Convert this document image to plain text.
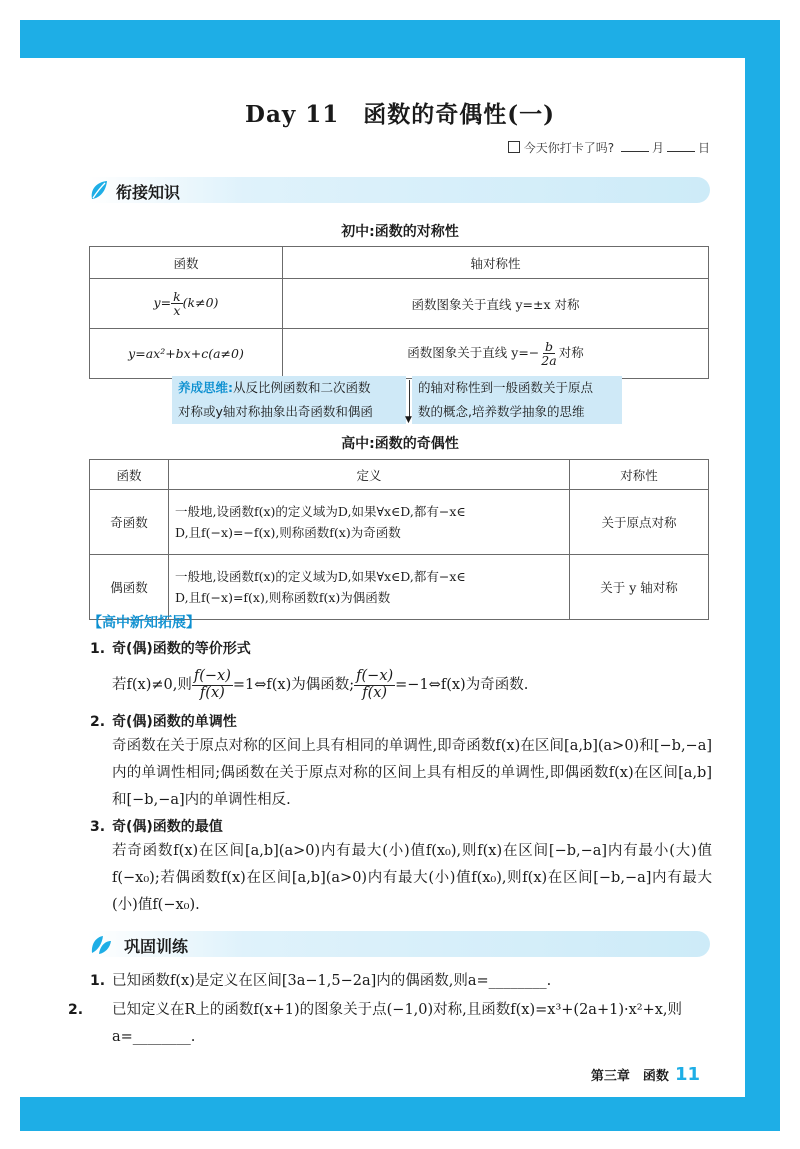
Day 11　函数的奇偶性(一)
今天你打卡了吗?	月	日
衔接知识
初中:函数的对称性
函数	轴对称性
$y= \frac{k}{x} (k\ne 0)$	函数图象关于直线 y=±x 对称
y=ax²+bx+c(a≠0)	函数图象关于直线 $y=- \frac{b}{2a}$ 对称
养成思维:从反比例函数和二次函数
对称或y轴对称抽象出奇函数和偶函
的轴对称性到一般函数关于原点
数的概念,培养数学抽象的思维
▼
高中:函数的奇偶性
函数	定义	对称性
奇函数	一般地,设函数f(x)的定义域为D,如果∀x∈D,都有−x∈
D,且f(−x)=−f(x),则称函数f(x)为奇函数	关于原点对称
偶函数	一般地,设函数f(x)的定义域为D,如果∀x∈D,都有−x∈
D,且f(−x)=f(x),则称函数f(x)为偶函数	关于 y 轴对称
【高中新知拓展】
1. 奇(偶)函数的等价形式
若f(x)≠0,则 $\frac{f(-x)}{f(x)}$ =1⇔f(x)为偶函数; $\frac{f(-x)}{f(x)}$ =−1⇔f(x)为奇函数.
2. 奇(偶)函数的单调性
奇函数在关于原点对称的区间上具有相同的单调性,即奇函数f(x)在区间[a,b](a>0)和[−b,−a]内的单调性相同;偶函数在关于原点对称的区间上具有相反的单调性,即偶函数f(x)在区间[a,b]和[−b,−a]内的单调性相反.
3. 奇(偶)函数的最值
若奇函数f(x)在区间[a,b](a>0)内有最大(小)值f(x₀),则f(x)在区间[−b,−a]内有最小(大)值f(−x₀);若偶函数f(x)在区间[a,b](a>0)内有最大(小)值f(x₀),则f(x)在区间[−b,−a]内有最大(小)值f(−x₀).
巩固训练
1. 已知函数f(x)是定义在区间[3a−1,5−2a]内的偶函数,则a=________.
2. 已知定义在R上的函数f(x+1)的图象关于点(−1,0)对称,且函数f(x)=x³+(2a+1)·x²+x,则a=________.
第三章　函数 11
